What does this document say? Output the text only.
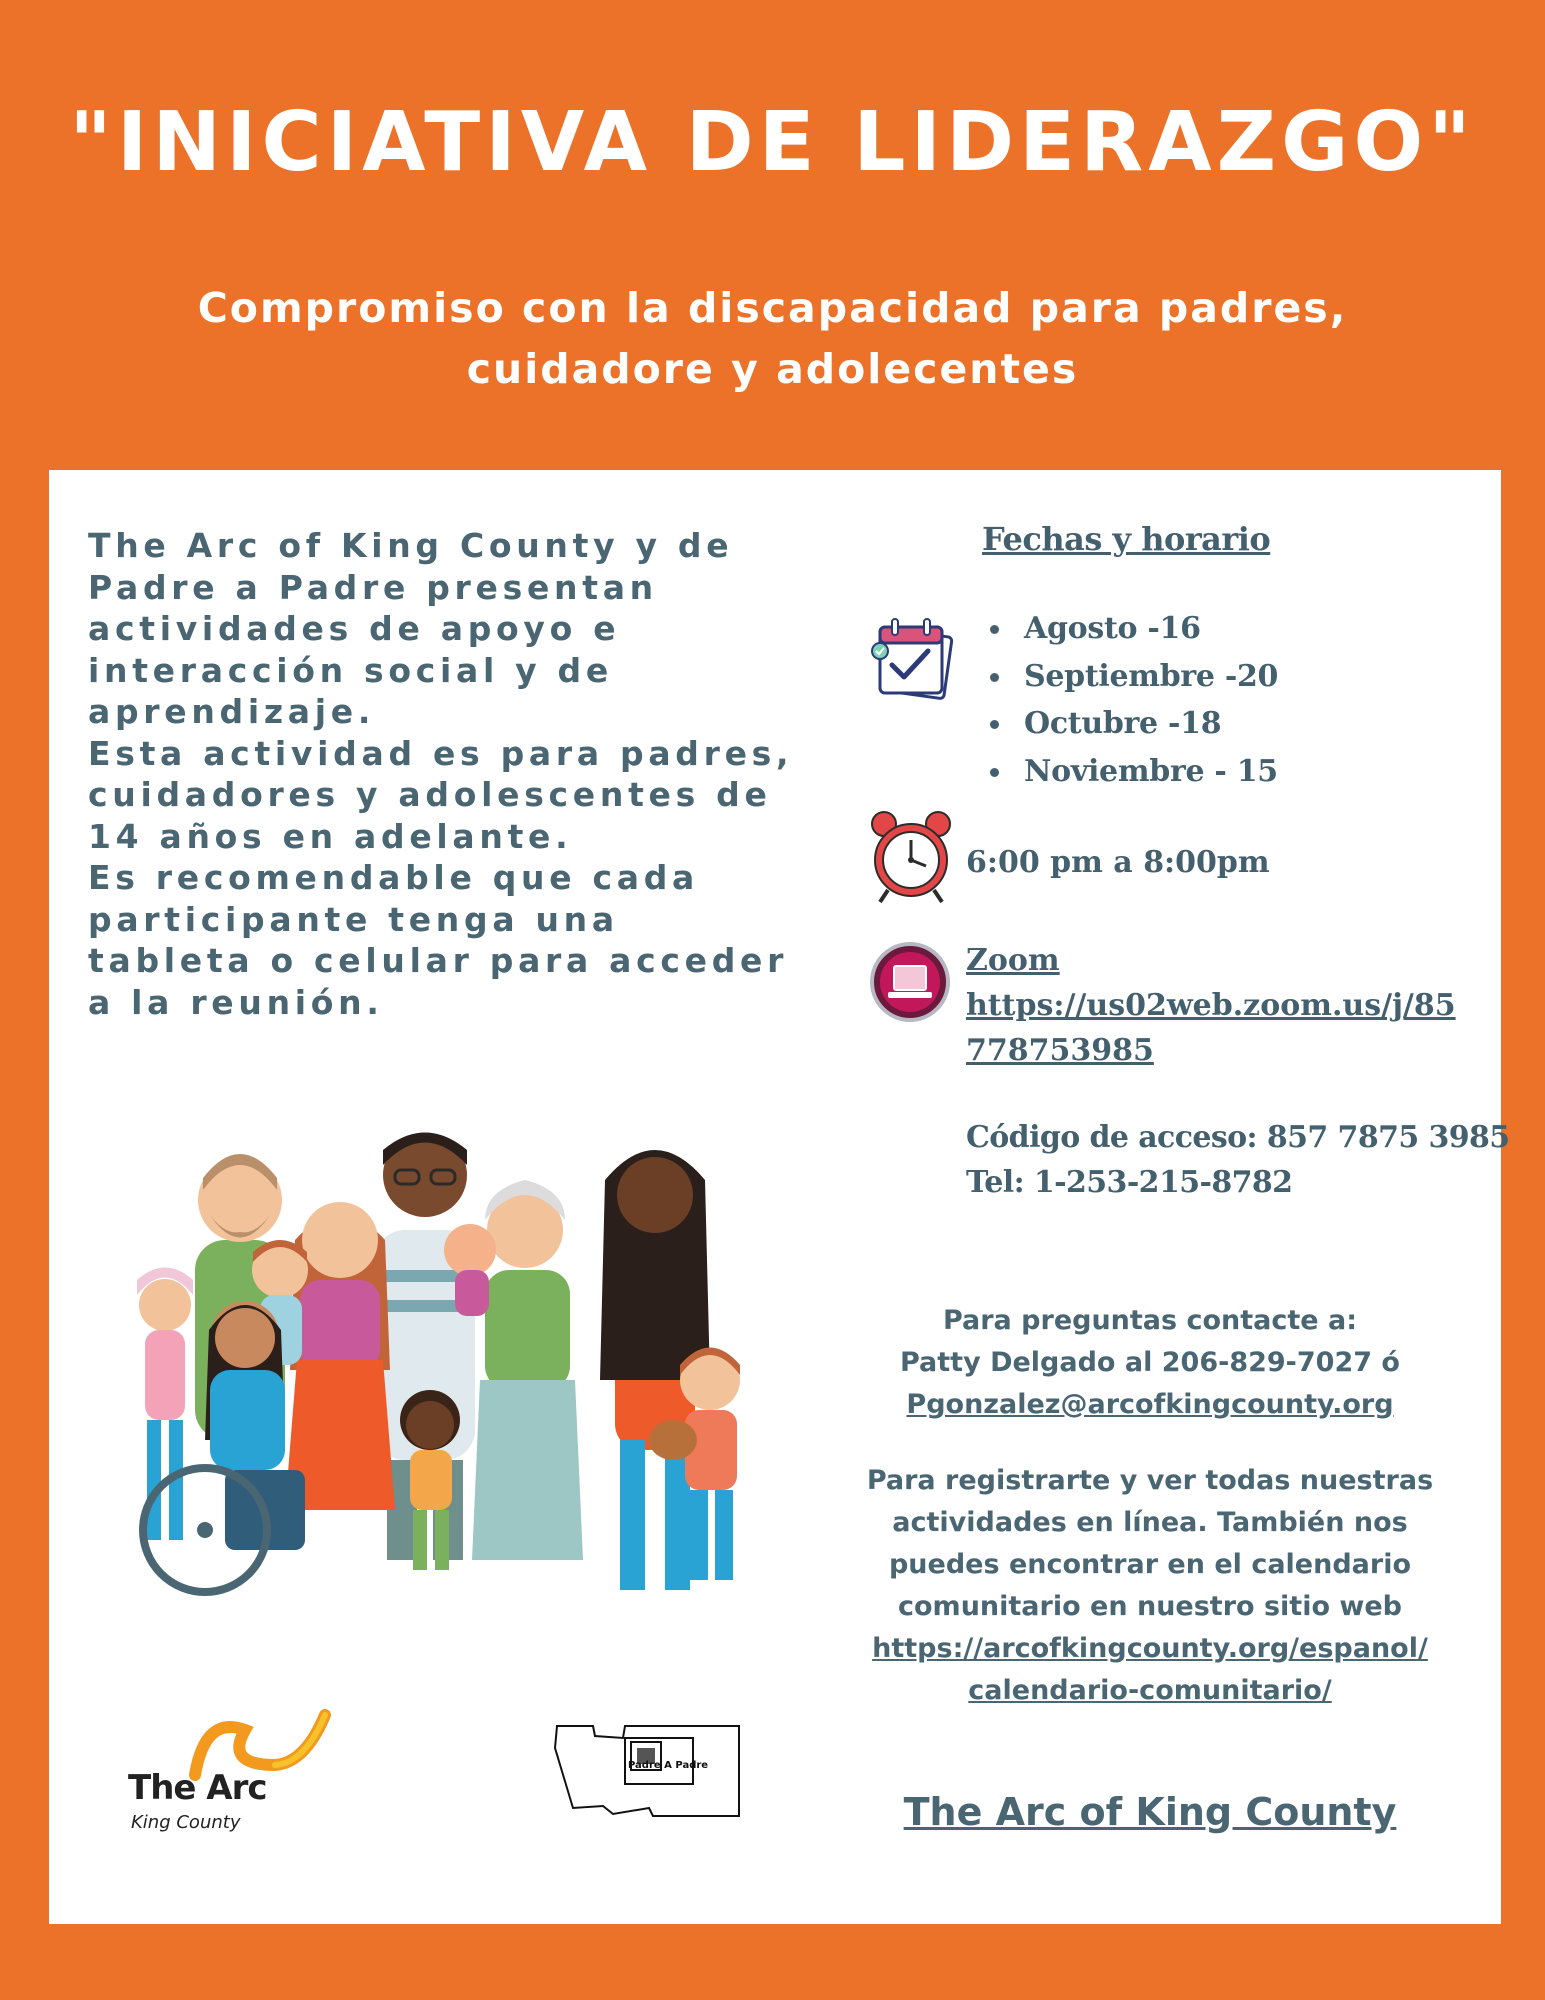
"INICIATIVA DE LIDERAZGO"
Compromiso con la discapacidad para padres,
cuidadore y adolecentes
The Arc of King County y de
Padre a Padre presentan
actividades de apoyo e
interacción social y de
aprendizaje.
Esta actividad es para padres,
cuidadores y adolescentes de
14 años en adelante.
Es recomendable que cada
participante tenga una
tableta o celular para acceder
a la reunión.
Fechas y horario
Agosto -16
Septiembre -20
Octubre -18
Noviembre - 15
6:00 pm a 8:00pm
Zoom
https://us02web.zoom.us/j/85778753985
Código de acceso: 857 7875 3985
Tel: 1-253-215-8782
Para preguntas contacte a:
Patty Delgado al 206-829-7027 ó
Pgonzalez@arcofkingcounty.org
Para registrarte y ver todas nuestras
actividades en línea. También nos
puedes encontrar en el calendario
comunitario en nuestro sitio web
https://arcofkingcounty.org/espanol/
calendario-comunitario/
The Arc of King County
The Arc
King County
Padre A Padre
